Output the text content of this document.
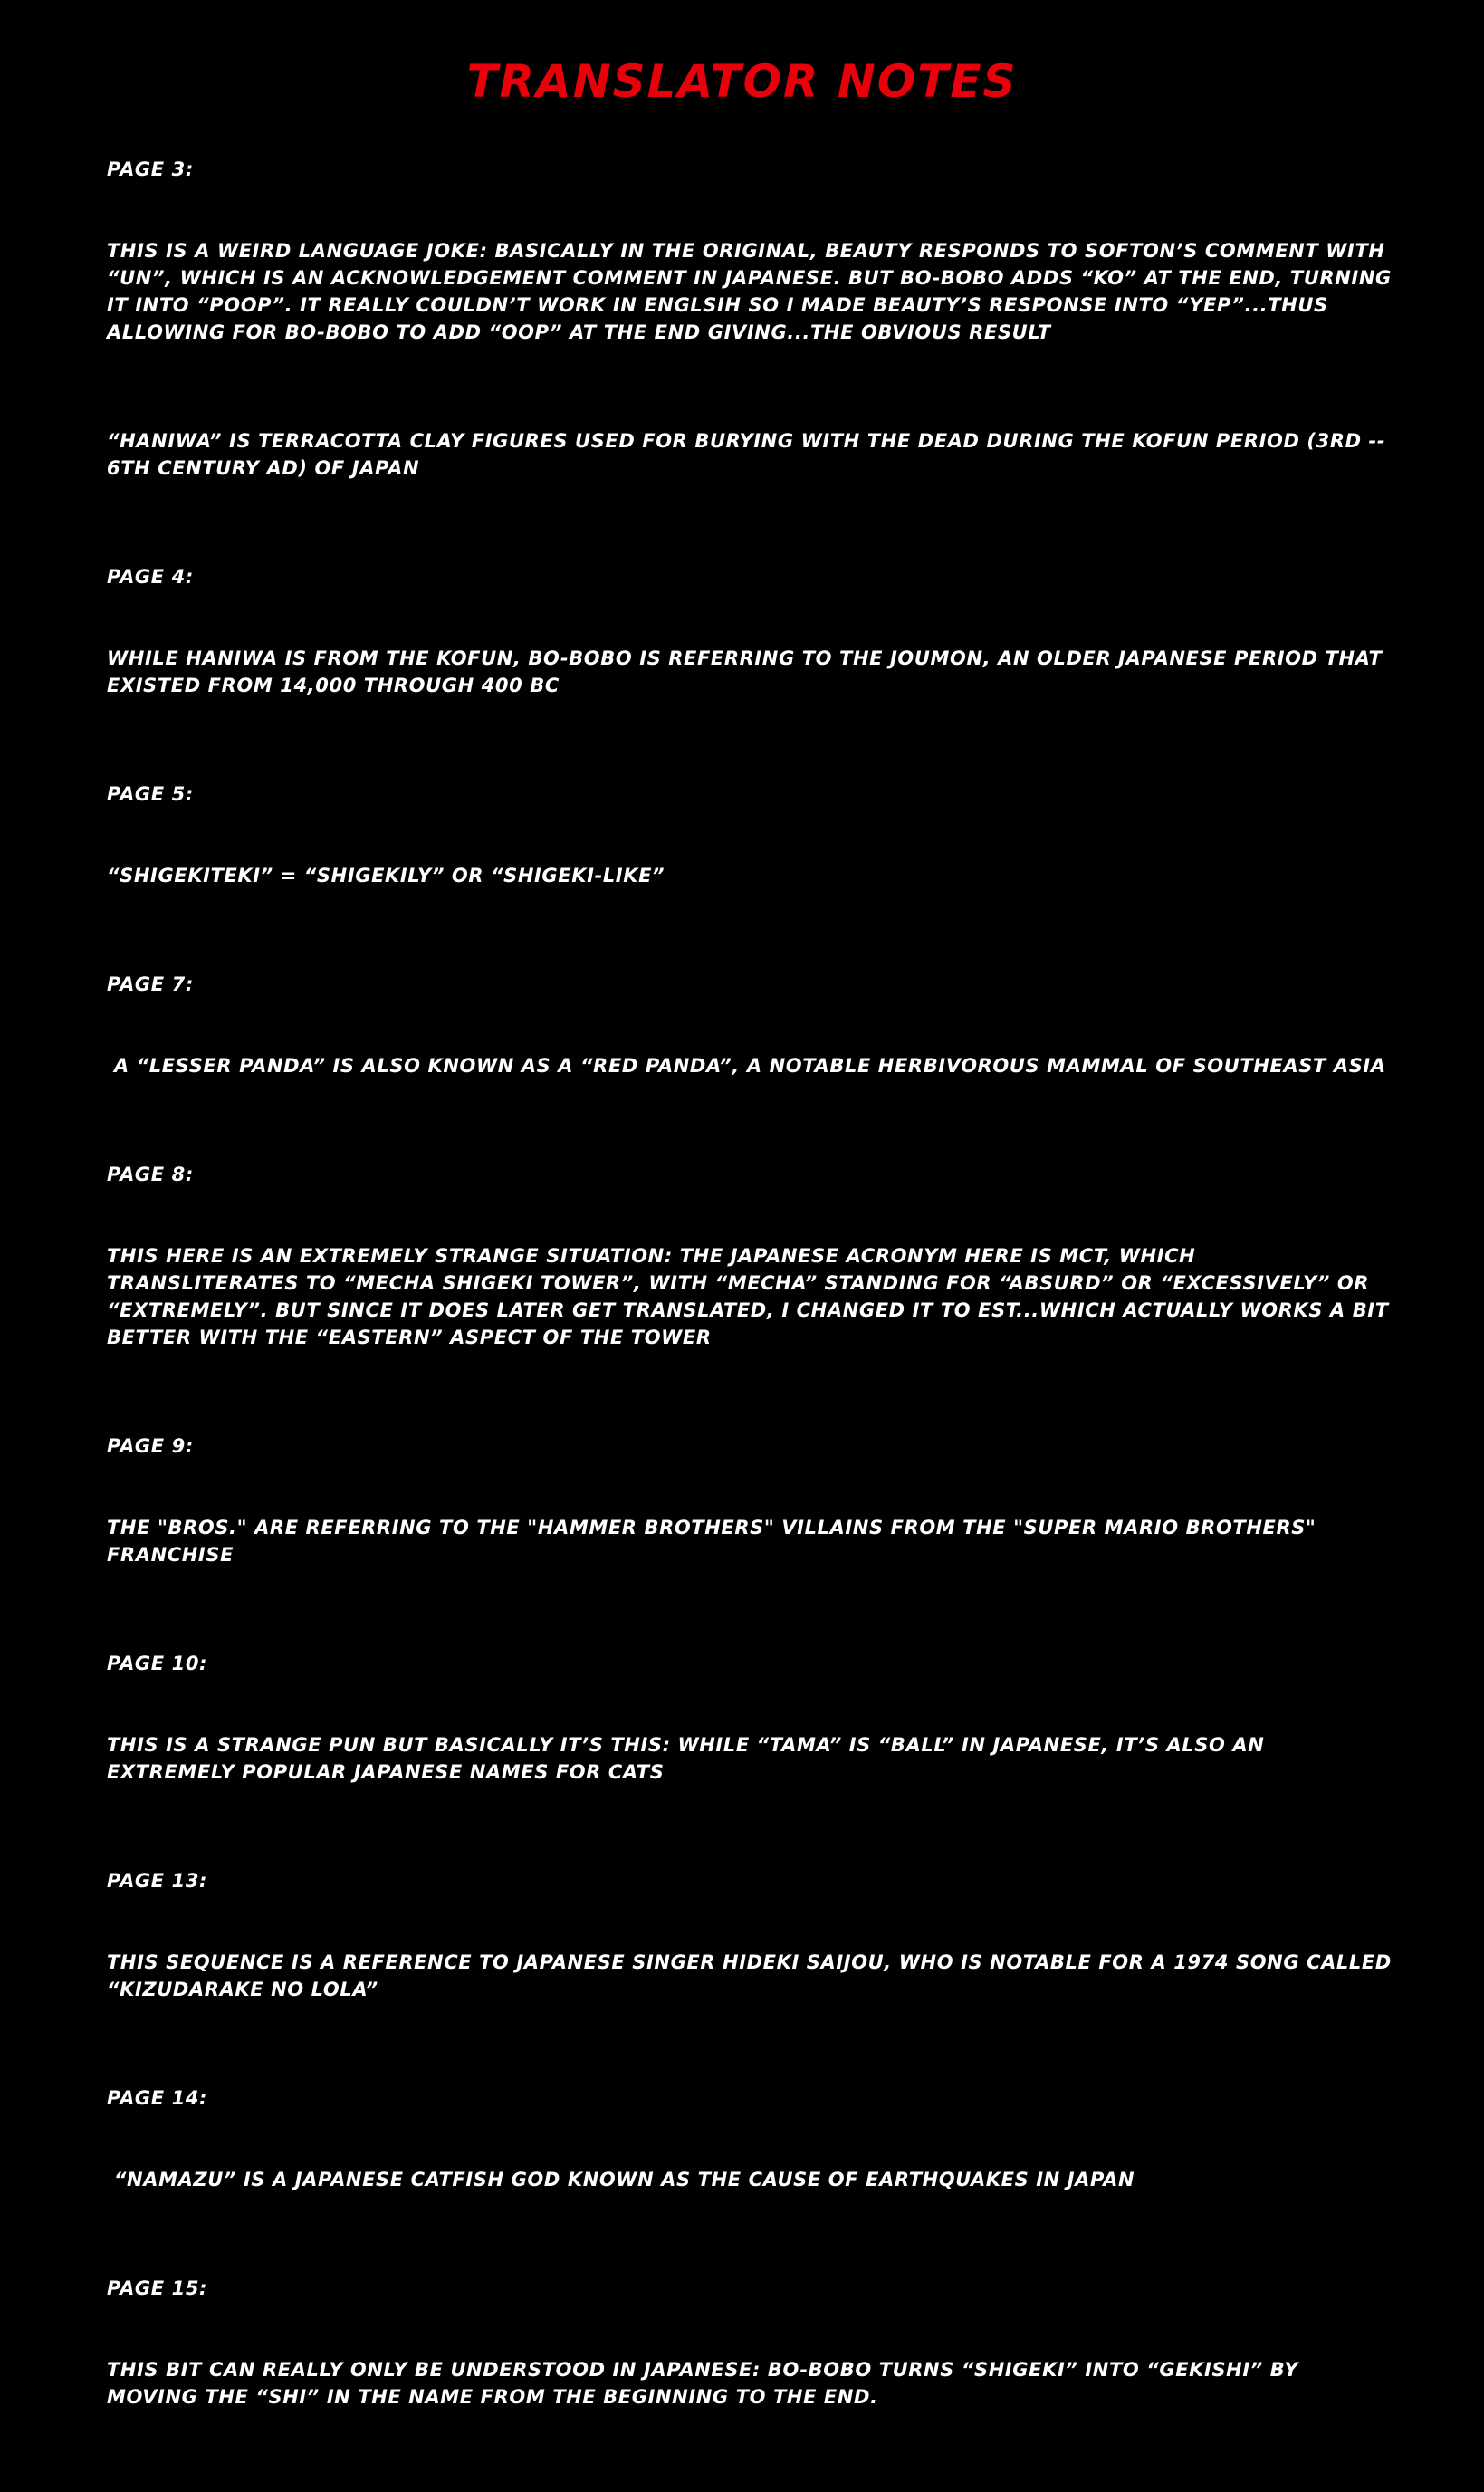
TRANSLATOR NOTES
PAGE 3:

THIS IS A WEIRD LANGUAGE JOKE: BASICALLY IN THE ORIGINAL, BEAUTY RESPONDS TO SOFTON’S COMMENT WITH “UN”, WHICH IS AN ACKNOWLEDGEMENT COMMENT IN JAPANESE. BUT BO-BOBO ADDS “KO” AT THE END, TURNING IT INTO “POOP”. IT REALLY COULDN’T WORK IN ENGLSIH SO I MADE BEAUTY’S RESPONSE INTO “YEP”...THUS ALLOWING FOR BO-BOBO TO ADD “OOP” AT THE END GIVING...THE OBVIOUS RESULT

“HANIWA” IS TERRACOTTA CLAY FIGURES USED FOR BURYING WITH THE DEAD DURING THE KOFUN PERIOD (3RD -- 6TH CENTURY AD) OF JAPAN

PAGE 4:

WHILE HANIWA IS FROM THE KOFUN, BO-BOBO IS REFERRING TO THE JOUMON, AN OLDER JAPANESE PERIOD THAT EXISTED FROM 14,000 THROUGH 400 BC

PAGE 5:

“SHIGEKITEKI” = “SHIGEKILY” OR “SHIGEKI-LIKE”

PAGE 7:

A “LESSER PANDA” IS ALSO KNOWN AS A “RED PANDA”, A NOTABLE HERBIVOROUS MAMMAL OF SOUTHEAST ASIA

PAGE 8:

THIS HERE IS AN EXTREMELY STRANGE SITUATION: THE JAPANESE ACRONYM HERE IS MCT, WHICH TRANSLITERATES TO “MECHA SHIGEKI TOWER”, WITH “MECHA” STANDING FOR “ABSURD” OR “EXCESSIVELY” OR “EXTREMELY”. BUT SINCE IT DOES LATER GET TRANSLATED, I CHANGED IT TO EST...WHICH ACTUALLY WORKS A BIT BETTER WITH THE “EASTERN” ASPECT OF THE TOWER

PAGE 9:

THE "BROS." ARE REFERRING TO THE "HAMMER BROTHERS" VILLAINS FROM THE "SUPER MARIO BROTHERS" FRANCHISE

PAGE 10:

THIS IS A STRANGE PUN BUT BASICALLY IT’S THIS: WHILE “TAMA” IS “BALL” IN JAPANESE, IT’S ALSO AN EXTREMELY POPULAR JAPANESE NAMES FOR CATS

PAGE 13:

THIS SEQUENCE IS A REFERENCE TO JAPANESE SINGER HIDEKI SAIJOU, WHO IS NOTABLE FOR A 1974 SONG CALLED “KIZUDARAKE NO LOLA”

PAGE 14:

“NAMAZU” IS A JAPANESE CATFISH GOD KNOWN AS THE CAUSE OF EARTHQUAKES IN JAPAN

PAGE 15:

THIS BIT CAN REALLY ONLY BE UNDERSTOOD IN JAPANESE: BO-BOBO TURNS “SHIGEKI” INTO “GEKISHI” BY MOVING THE “SHI” IN THE NAME FROM THE BEGINNING TO THE END.
